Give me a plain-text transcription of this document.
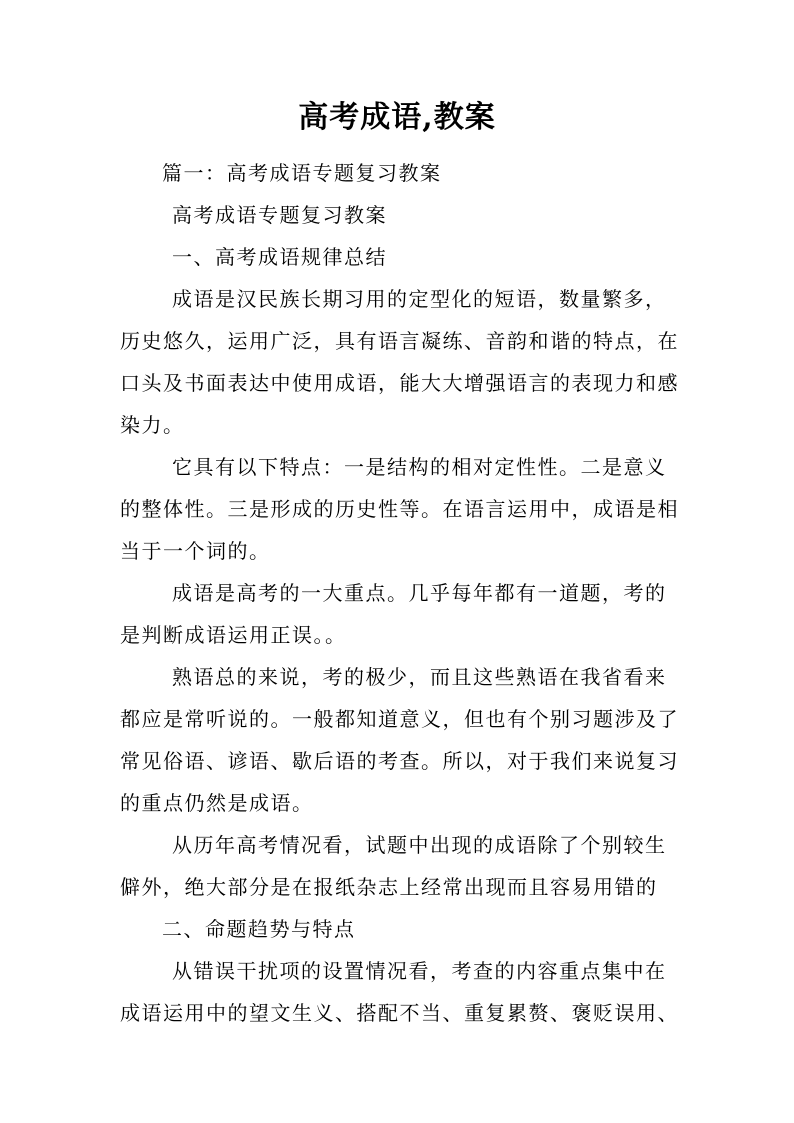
高考成语,教案
篇一：高考成语专题复习教案
高考成语专题复习教案
一、高考成语规律总结
成语是汉民族长期习用的定型化的短语，数量繁多，
历史悠久，运用广泛，具有语言凝练、音韵和谐的特点，在
口头及书面表达中使用成语，能大大增强语言的表现力和感
染力。
它具有以下特点：一是结构的相对定性性。二是意义
的整体性。三是形成的历史性等。在语言运用中，成语是相
当于一个词的。
成语是高考的一大重点。几乎每年都有一道题，考的
是判断成语运用正误。。
熟语总的来说，考的极少，而且这些熟语在我省看来
都应是常听说的。一般都知道意义，但也有个别习题涉及了
常见俗语、谚语、歇后语的考查。所以，对于我们来说复习
的重点仍然是成语。
从历年高考情况看，试题中出现的成语除了个别较生
僻外，绝大部分是在报纸杂志上经常出现而且容易用错的
二、命题趋势与特点
从错误干扰项的设置情况看，考查的内容重点集中在
成语运用中的望文生义、搭配不当、重复累赘、褒贬误用、
